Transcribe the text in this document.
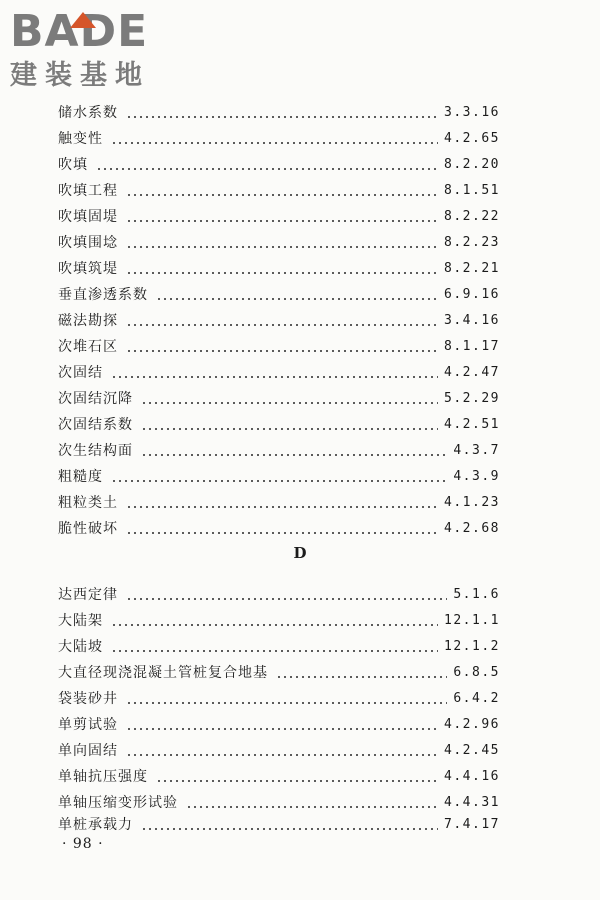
BADE
建装基地
储水系数	3.3.16
触变性	4.2.65
吹填	8.2.20
吹填工程	8.1.51
吹填固堤	8.2.22
吹填围埝	8.2.23
吹填筑堤	8.2.21
垂直渗透系数	6.9.16
磁法勘探	3.4.16
次堆石区	8.1.17
次固结	4.2.47
次固结沉降	5.2.29
次固结系数	4.2.51
次生结构面	4.3.7
粗糙度	4.3.9
粗粒类土	4.1.23
脆性破坏	4.2.68
达西定律	5.1.6
大陆架	12.1.1
大陆坡	12.1.2
大直径现浇混凝土管桩复合地基	6.8.5
袋装砂井	6.4.2
单剪试验	4.2.96
单向固结	4.2.45
单轴抗压强度	4.4.16
单轴压缩变形试验	4.4.31
单桩承载力	7.4.17
D
· 98 ·
